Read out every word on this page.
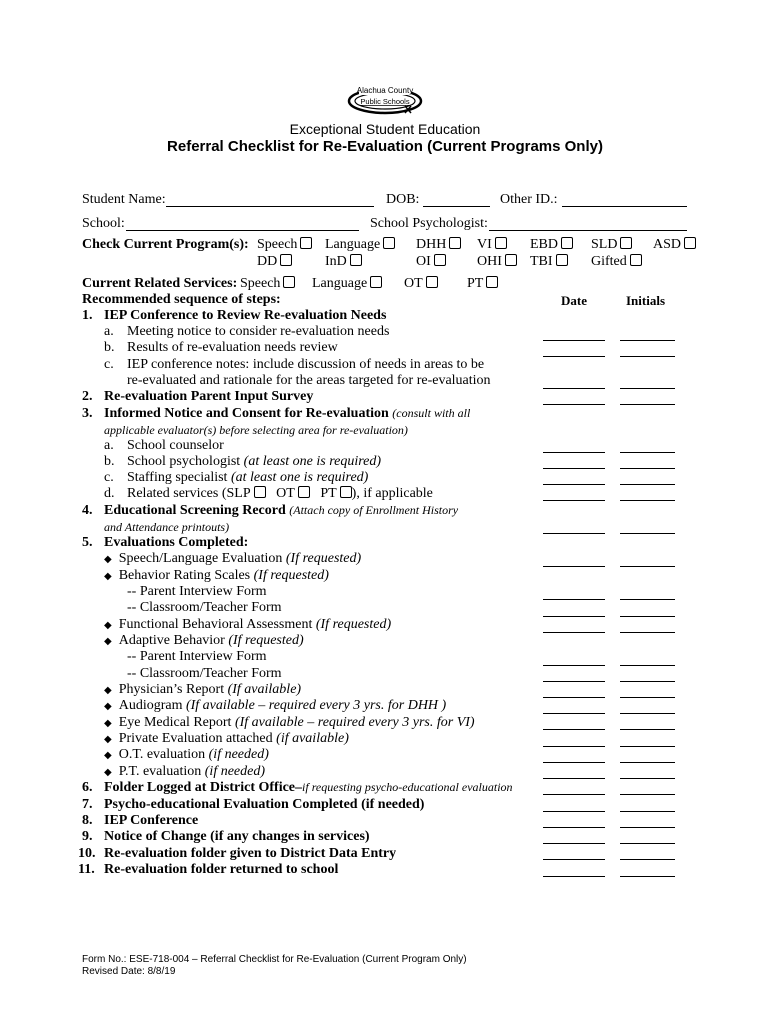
Alachua County
Public Schools
Exceptional Student Education
Referral Checklist for Re-Evaluation (Current Programs Only)
Student Name:	DOB:	Other ID.:
School:	School Psychologist:
Check Current Program(s): Speech	Language	DHH	VI	EBD	SLD	ASD
DD	InD	OI	OHI	TBI	Gifted
Current Related Services: Speech	Language	OT	PT
Recommended sequence of steps:	Date	Initials
1. IEP Conference to Review Re-evaluation Needs
a. Meeting notice to consider re-evaluation needs
b. Results of re-evaluation needs review
c. IEP conference notes: include discussion of needs in areas to be
re-evaluated and rationale for the areas targeted for re-evaluation
2. Re-evaluation Parent Input Survey
3. Informed Notice and Consent for Re-evaluation (consult with all
applicable evaluator(s) before selecting area for re-evaluation)
a. School counselor
b. School psychologist (at least one is required)
c. Staffing specialist (at least one is required)
d. Related services (SLP OT PT ), if applicable
4. Educational Screening Record (Attach copy of Enrollment History
and Attendance printouts)
5. Evaluations Completed:
◆ Speech/Language Evaluation (If requested)
◆ Behavior Rating Scales (If requested)
-- Parent Interview Form
-- Classroom/Teacher Form
◆ Functional Behavioral Assessment (If requested)
◆ Adaptive Behavior (If requested)
-- Parent Interview Form
-- Classroom/Teacher Form
◆ Physician’s Report (If available)
◆ Audiogram (If available – required every 3 yrs. for DHH )
◆ Eye Medical Report (If available – required every 3 yrs. for VI)
◆ Private Evaluation attached (if available)
◆ O.T. evaluation (if needed)
◆ P.T. evaluation (if needed)
6. Folder Logged at District Office–if requesting psycho-educational evaluation
7. Psycho-educational Evaluation Completed (if needed)
8. IEP Conference
9. Notice of Change (if any changes in services)
10. Re-evaluation folder given to District Data Entry
11. Re-evaluation folder returned to school
Form No.: ESE-718-004 – Referral Checklist for Re-Evaluation (Current Program Only)
Revised Date: 8/8/19
